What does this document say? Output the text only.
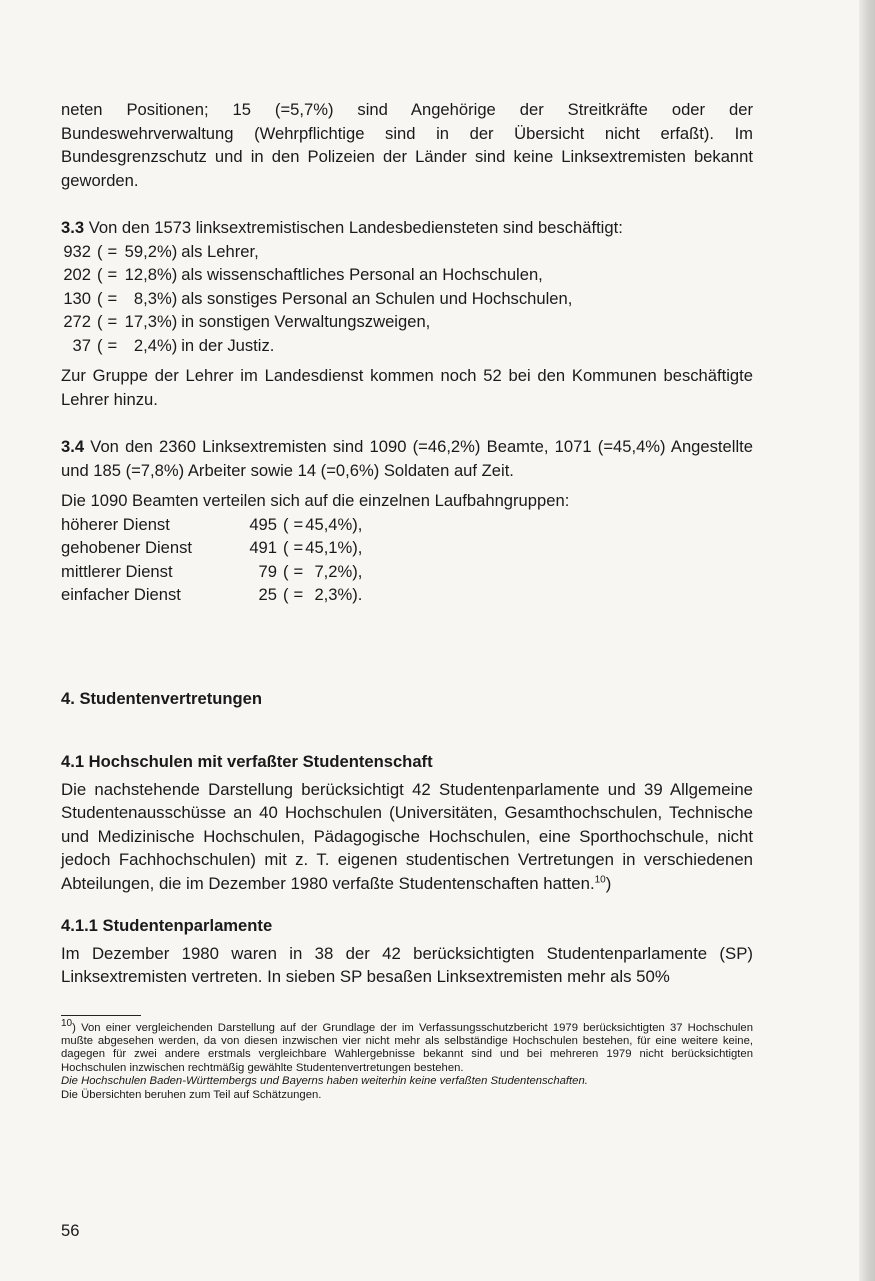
neten Positionen; 15 (=5,7%) sind Angehörige der Streitkräfte oder der Bundeswehrverwaltung (Wehrpflichtige sind in der Übersicht nicht erfaßt). Im Bundesgrenzschutz und in den Polizeien der Länder sind keine Linksextremisten bekannt geworden.

3.3 Von den 1573 linksextremistischen Landesbediensteten sind beschäftigt:

932	(	=	59,2%)	als Lehrer,
202	(	=	12,8%)	als wissenschaftliches Personal an Hochschulen,
130	(	=	8,3%)	als sonstiges Personal an Schulen und Hochschulen,
272	(	=	17,3%)	in sonstigen Verwaltungszweigen,
37	(	=	2,4%)	in der Justiz.

Zur Gruppe der Lehrer im Landesdienst kommen noch 52 bei den Kommunen beschäftigte Lehrer hinzu.

3.4 Von den 2360 Linksextremisten sind 1090 (=46,2%) Beamte, 1071 (=45,4%) Angestellte und 185 (=7,8%) Arbeiter sowie 14 (=0,6%) Soldaten auf Zeit.

Die 1090 Beamten verteilen sich auf die einzelnen Laufbahngruppen:

höherer Dienst	495	(	=	45,4%),
gehobener Dienst	491	(	=	45,1%),
mittlerer Dienst	79	(	=	7,2%),
einfacher Dienst	25	(	=	2,3%).

4. Studentenvertretungen

4.1 Hochschulen mit verfaßter Studentenschaft

Die nachstehende Darstellung berücksichtigt 42 Studentenparlamente und 39 Allgemeine Studentenausschüsse an 40 Hochschulen (Universitäten, Gesamthochschulen, Technische und Medizinische Hochschulen, Pädagogische Hochschulen, eine Sporthochschule, nicht jedoch Fachhochschulen) mit z. T. eigenen studentischen Vertretungen in verschiedenen Abteilungen, die im Dezember 1980 verfaßte Studentenschaften hatten.$^{10}$)

4.1.1 Studentenparlamente

Im Dezember 1980 waren in 38 der 42 berücksichtigten Studentenparlamente (SP) Linksextremisten vertreten. In sieben SP besaßen Linksextremisten mehr als 50%

$^{10}$) Von einer vergleichenden Darstellung auf der Grundlage der im Verfassungsschutzbericht 1979 berücksichtigten 37 Hochschulen mußte abgesehen werden, da von diesen inzwischen vier nicht mehr als selbständige Hochschulen bestehen, für eine weitere keine, dagegen für zwei andere erstmals vergleichbare Wahlergebnisse bekannt sind und bei mehreren 1979 nicht berücksichtigten Hochschulen inzwischen rechtmäßig gewählte Studentenvertretungen bestehen.

Die Hochschulen Baden-Württembergs und Bayerns haben weiterhin keine verfaßten Studentenschaften.

Die Übersichten beruhen zum Teil auf Schätzungen.

56
